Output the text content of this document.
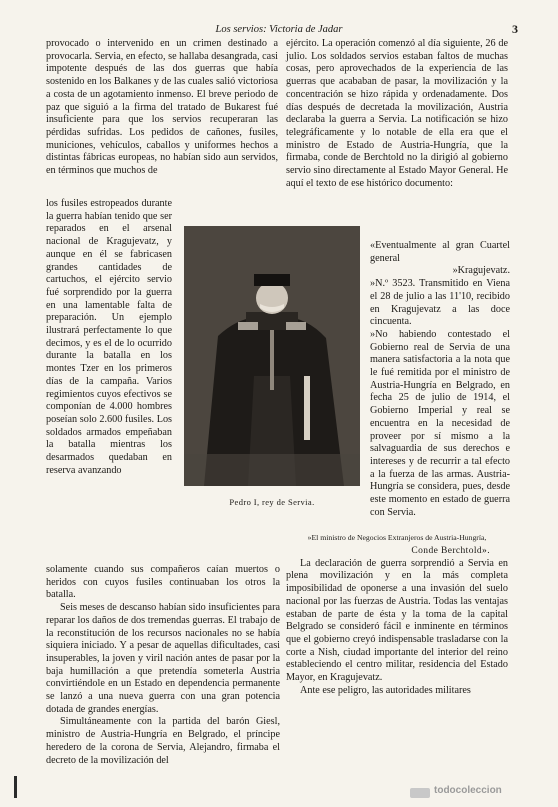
Los servios: Victoria de Jadar	3

provocado o intervenido en un crimen destinado a provocarla. Servia, en efecto, se hallaba desangrada, casi impotente después de las dos guerras que había sostenido en los Balkanes y de las cuales salió victoriosa a costa de un agotamiento inmenso. El breve periodo de paz que siguió a la firma del tratado de Bukarest fué insuficiente para que los servios recuperaran las pérdidas sufridas. Los pedidos de cañones, fusiles, municiones, vehículos, caballos y uniformes hechos a distintas fábricas europeas, no habían sido aun servidos, en términos que muchos de

los fusiles estropeados durante la guerra habían tenido que ser reparados en el arsenal nacional de Kragujevatz, y aunque en él se fabricasen grandes cantidades de cartuchos, el ejército servio fué sorprendido por la guerra en una lamentable falta de preparación. Un ejemplo ilustrará perfectamente lo que decimos, y es el de lo ocurrido durante la batalla en los montes Tzer en los primeros días de la campaña. Varios regimientos cuyos efectivos se componían de 4.000 hombres poseían solo 2.600 fusiles. Los soldados armados empeñaban la batalla mientras los desarmados quedaban en reserva avanzando

solamente cuando sus compañeros caían muertos o heridos con cuyos fusiles continuaban los otros la batalla.

Seis meses de descanso habían sido insuficientes para reparar los daños de dos tremendas guerras. El trabajo de la reconstitución de los recursos nacionales no se había siquiera iniciado. Y a pesar de aquellas dificultades, casi insuperables, la joven y viril nación antes de pasar por la baja humillación a que pretendía someterla Austria convirtiéndole en un Estado en dependencia permanente se lanzó a una nueva guerra con una gran potencia dotada de grandes energías.

Simultáneamente con la partida del barón Giesl, ministro de Austria-Hungría en Belgrado, el príncipe heredero de la corona de Servia, Alejandro, firmaba el decreto de la movilización del

Pedro I, rey de Servia.

ejército. La operación comenzó al día siguiente, 26 de julio. Los soldados servios estaban faltos de muchas cosas, pero aprovechados de la experiencia de las guerras que acababan de pasar, la movilización y la concentración se hizo rápida y ordenadamente. Dos días después de decretada la movilización, Austria declaraba la guerra a Servia. La notificación se hizo telegráficamente y lo notable de ella era que el ministro de Estado de Austria-Hungría, que la firmaba, conde de Berchtold no la dirigió al gobierno servio sino directamente al Estado Mayor General. He aquí el texto de ese histórico documento:

«Eventualmente al gran Cuartel general

»Kragujevatz.

»N.º 3523. Transmitido en Viena el 28 de julio a las 11'10, recibido en Kragujevatz a las doce cincuenta.

»No habiendo contestado el Gobierno real de Servia de una manera satisfactoria a la nota que le fué remitida por el ministro de Austria-Hungría en Belgrado, en fecha 25 de julio de 1914, el Gobierno Imperial y real se encuentra en la necesidad de proveer por sí mismo a la salvaguardia de sus derechos e intereses y de recurrir a tal efecto a la fuerza de las armas. Austria-Hungría se considera, pues, desde este momento en estado de guerra con Servia.

»El ministro de Negocios Extranjeros de Austria-Hungría,
Conde Berchtold».

La declaración de guerra sorprendió a Servia en plena movilización y en la más completa imposibilidad de oponerse a una invasión del suelo nacional por las fuerzas de Austria. Todas las ventajas estaban de parte de ésta y la toma de la capital Belgrado se consideró fácil e inminente en términos que el gobierno creyó indispensable trasladarse con la corte a Nish, ciudad importante del interior del reino estableciendo el centro militar, residencia del Estado Mayor, en Kragujevatz.

Ante ese peligro, las autoridades militares

todocoleccion
